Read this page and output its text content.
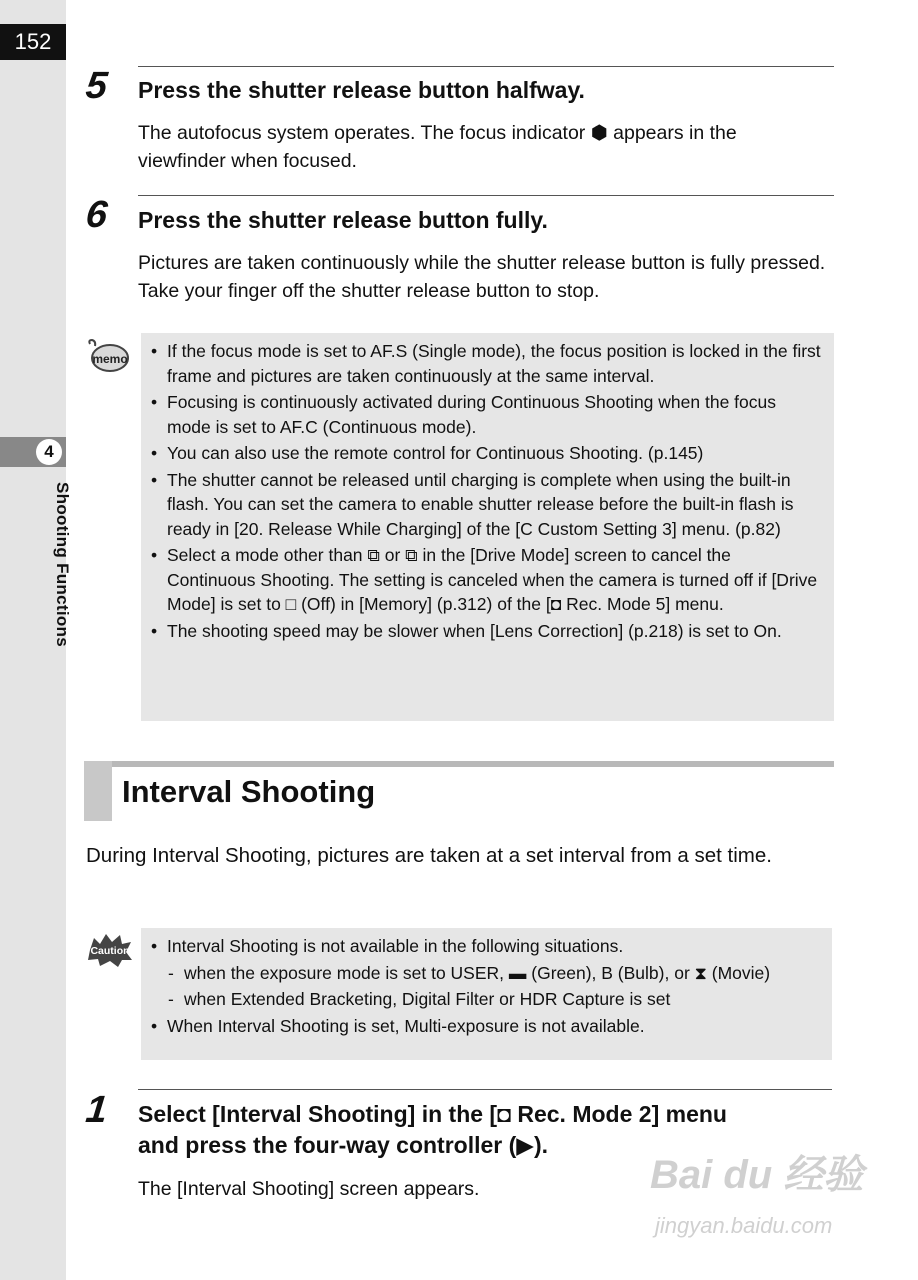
152
4
Shooting Functions
5 Press the shutter release button halfway.
The autofocus system operates. The focus indicator ⬢ appears in the viewfinder when focused.
6 Press the shutter release button fully.
Pictures are taken continuously while the shutter release button is fully pressed. Take your finger off the shutter release button to stop.
memo	• If the focus mode is set to AF.S (Single mode), the focus position is locked in the first frame and pictures are taken continuously at the same interval.
• Focusing is continuously activated during Continuous Shooting when the focus mode is set to AF.C (Continuous mode).
• You can also use the remote control for Continuous Shooting. (p.145)
• The shutter cannot be released until charging is complete when using the built-in flash. You can set the camera to enable shutter release before the built-in flash is ready in [20. Release While Charging] of the [C Custom Setting 3] menu. (p.82)
• Select a mode other than ⧉ or ⧉ in the [Drive Mode] screen to cancel the Continuous Shooting. The setting is canceled when the camera is turned off if [Drive Mode] is set to □ (Off) in [Memory] (p.312) of the [◘ Rec. Mode 5] menu.
• The shooting speed may be slower when [Lens Correction] (p.218) is set to On.
Interval Shooting
During Interval Shooting, pictures are taken at a set interval from a set time.
Caution	• Interval Shooting is not available in the following situations.
- when the exposure mode is set to USER, ▬ (Green), B (Bulb), or ⧗ (Movie)
- when Extended Bracketing, Digital Filter or HDR Capture is set
• When Interval Shooting is set, Multi-exposure is not available.
1 Select [Interval Shooting] in the [◘ Rec. Mode 2] menu
and press the four-way controller (▶).
The [Interval Shooting] screen appears.	Bai du 经验
jingyan.baidu.com
